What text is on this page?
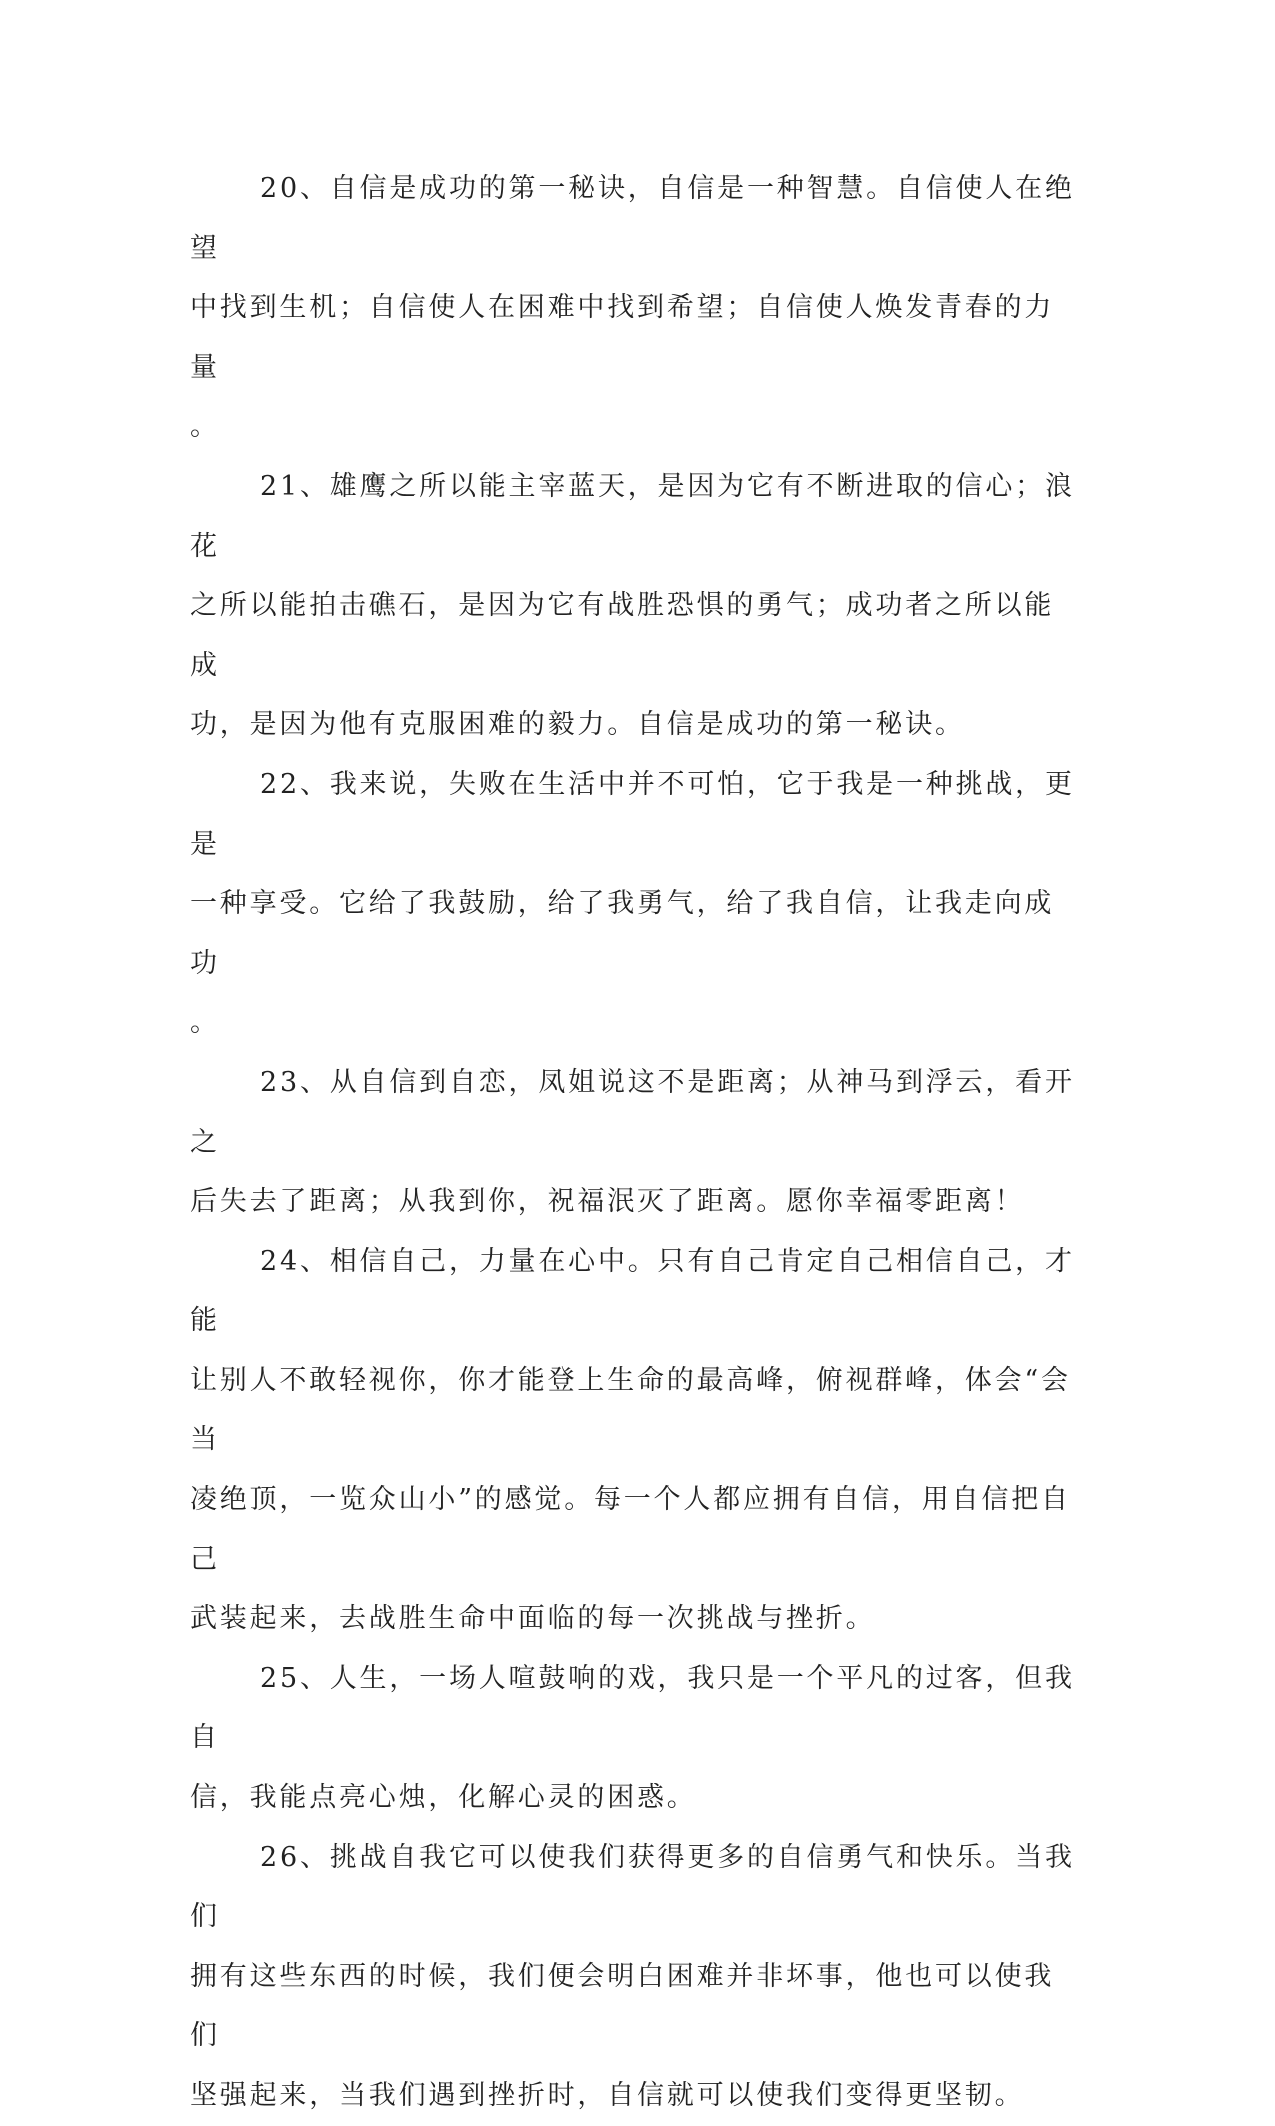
20、自信是成功的第一秘诀，自信是一种智慧。自信使人在绝望
中找到生机；自信使人在困难中找到希望；自信使人焕发青春的力量
。

21、雄鹰之所以能主宰蓝天，是因为它有不断进取的信心；浪花
之所以能拍击礁石，是因为它有战胜恐惧的勇气；成功者之所以能成
功，是因为他有克服困难的毅力。自信是成功的第一秘诀。

22、我来说，失败在生活中并不可怕，它于我是一种挑战，更是
一种享受。它给了我鼓励，给了我勇气，给了我自信，让我走向成功
。

23、从自信到自恋，凤姐说这不是距离；从神马到浮云，看开之
后失去了距离；从我到你，祝福泯灭了距离。愿你幸福零距离！

24、相信自己，力量在心中。只有自己肯定自己相信自己，才能
让别人不敢轻视你，你才能登上生命的最高峰，俯视群峰，体会“会当
凌绝顶，一览众山小”的感觉。每一个人都应拥有自信，用自信把自己
武装起来，去战胜生命中面临的每一次挑战与挫折。

25、人生，一场人喧鼓响的戏，我只是一个平凡的过客，但我自
信，我能点亮心烛，化解心灵的困惑。

26、挑战自我它可以使我们获得更多的自信勇气和快乐。当我们
拥有这些东西的时候，我们便会明白困难并非坏事，他也可以使我们
坚强起来，当我们遇到挫折时，自信就可以使我们变得更坚韧。
